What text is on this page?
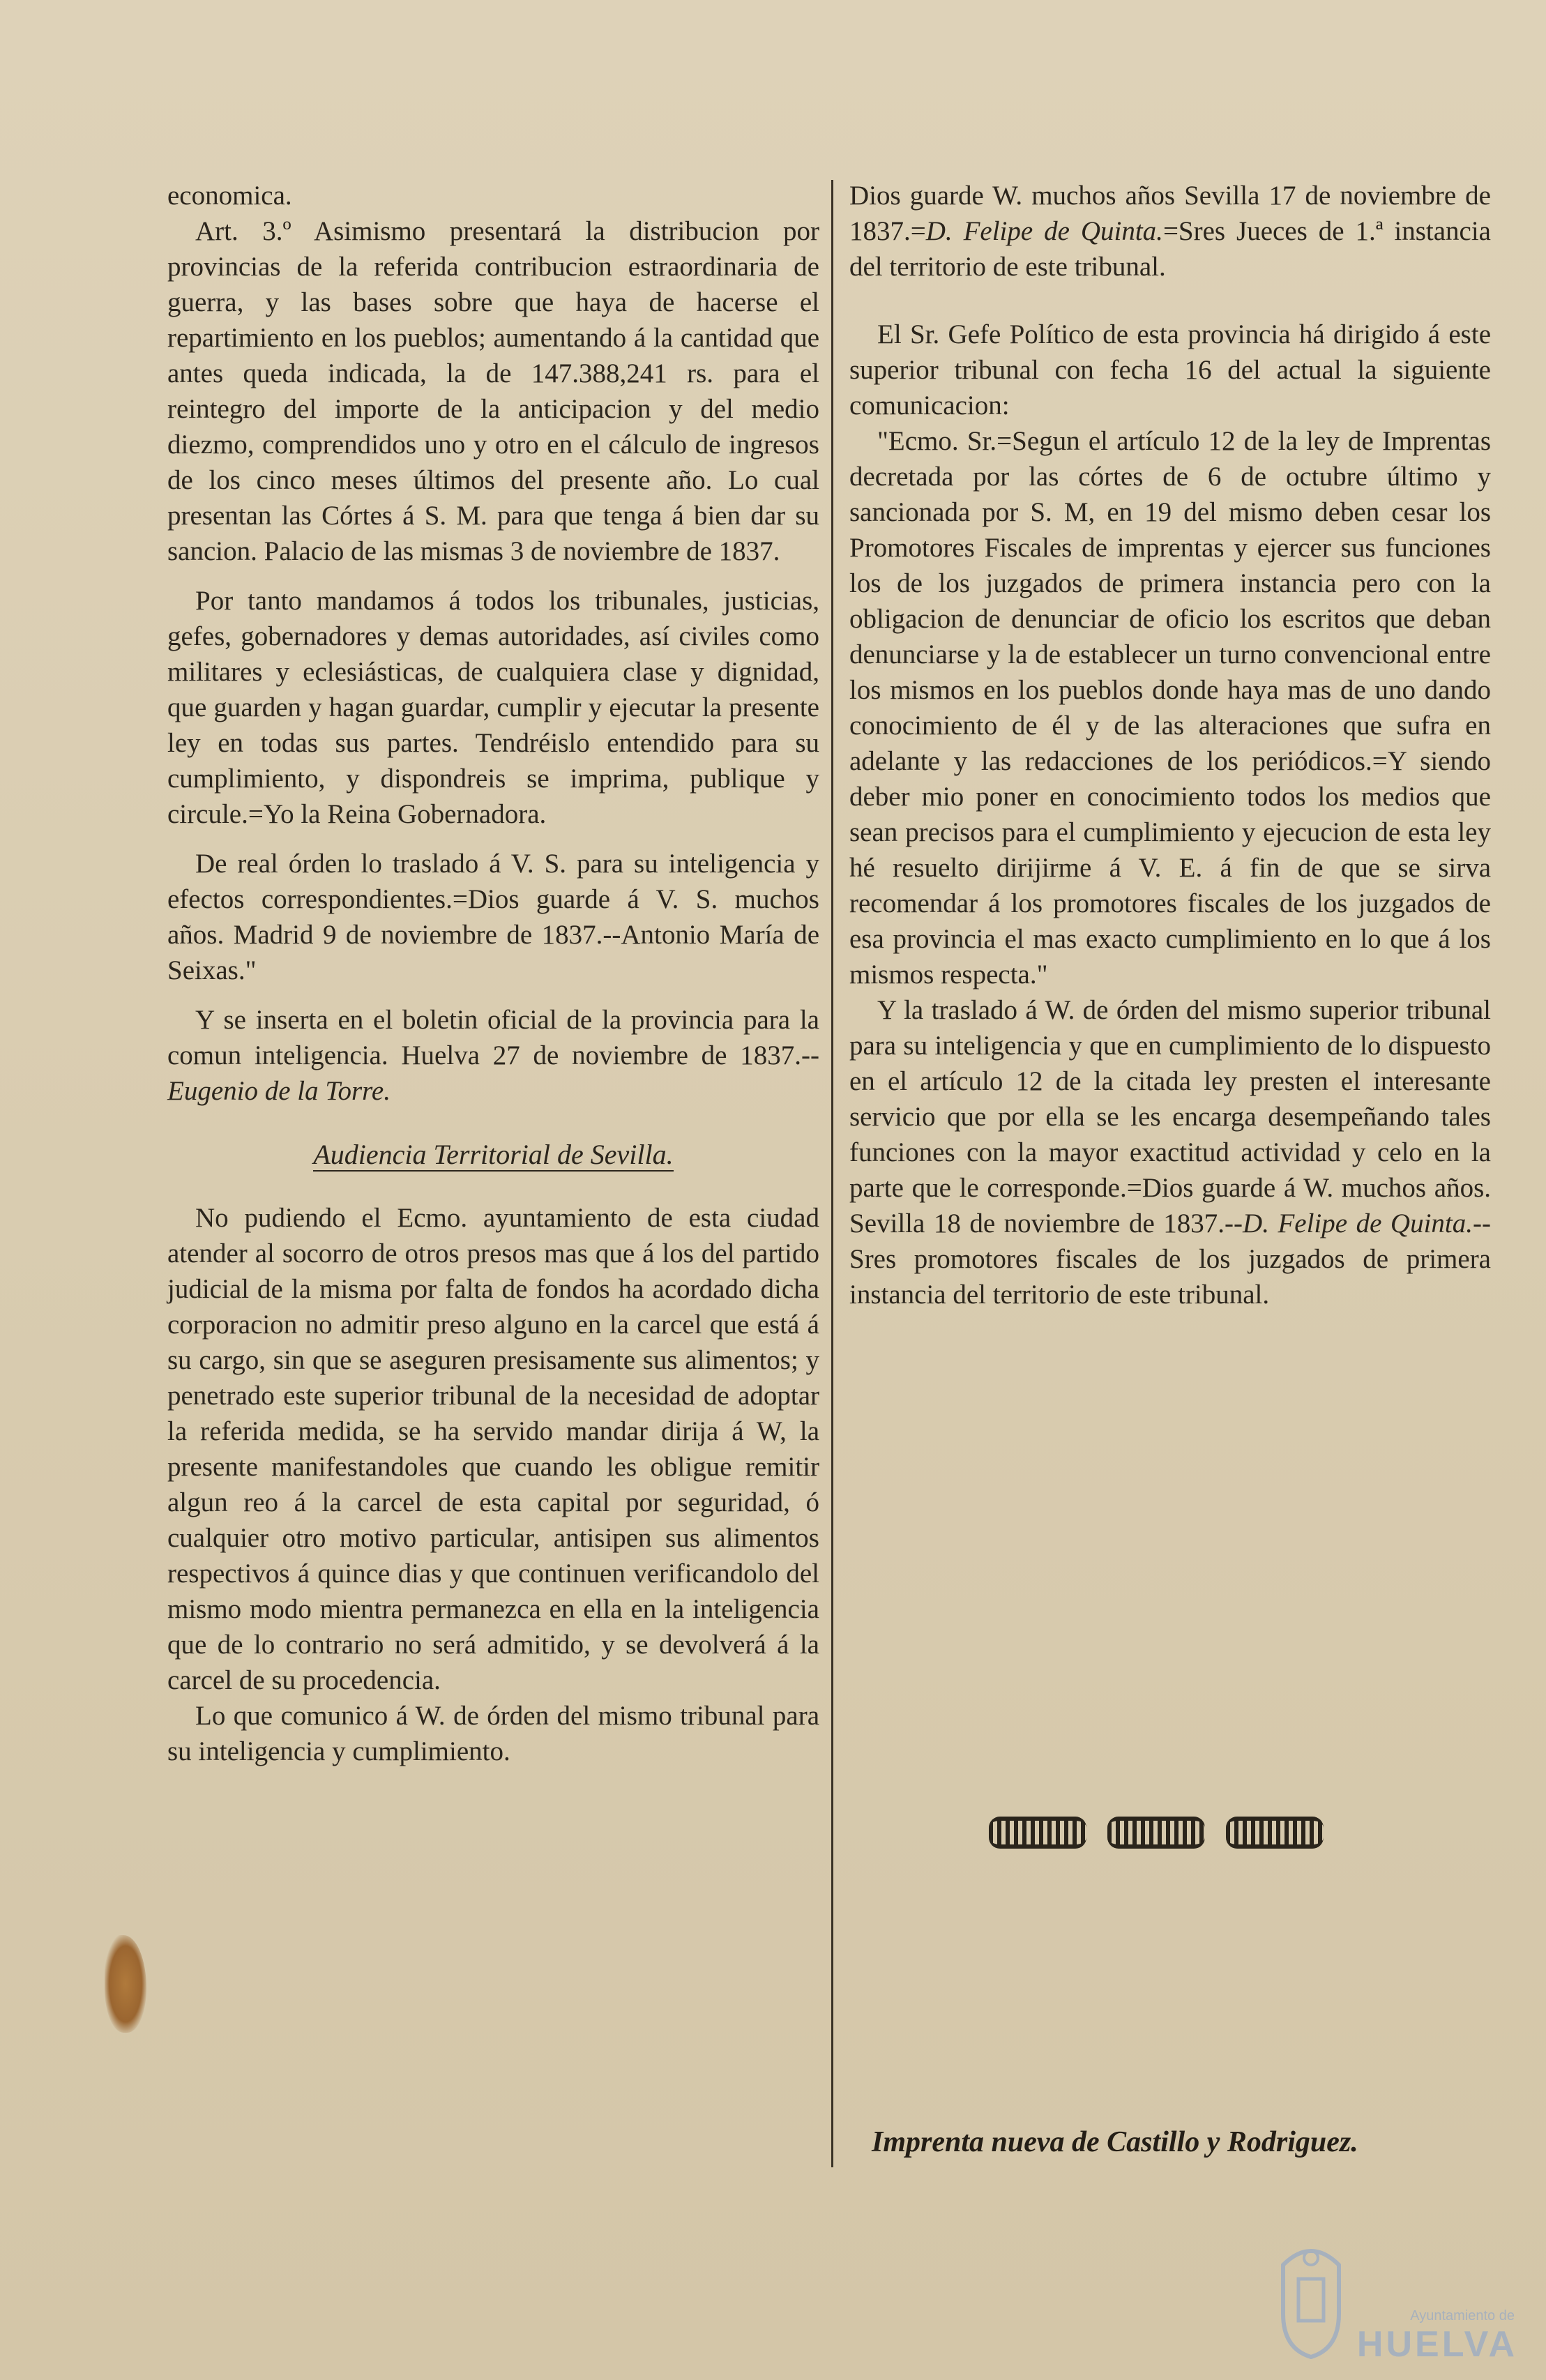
economica.

Art. 3.º Asimismo presentará la distribucion por provincias de la referida contribucion estraordinaria de guerra, y las bases sobre que haya de hacerse el repartimiento en los pueblos; aumentando á la cantidad que antes queda indicada, la de 147.388,241 rs. para el reintegro del importe de la anticipacion y del medio diezmo, comprendidos uno y otro en el cálculo de ingresos de los cinco meses últimos del presente año. Lo cual presentan las Córtes á S. M. para que tenga á bien dar su sancion. Palacio de las mismas 3 de noviembre de 1837.

Por tanto mandamos á todos los tribunales, justicias, gefes, gobernadores y demas autoridades, así civiles como militares y eclesiásticas, de cualquiera clase y dignidad, que guarden y hagan guardar, cumplir y ejecutar la presente ley en todas sus partes. Tendréislo entendido para su cumplimiento, y dispondreis se imprima, publique y circule.=Yo la Reina Gobernadora.

De real órden lo traslado á V. S. para su inteligencia y efectos correspondientes.=Dios guarde á V. S. muchos años. Madrid 9 de noviembre de 1837.--Antonio María de Seixas."

Y se inserta en el boletin oficial de la provincia para la comun inteligencia. Huelva 27 de noviembre de 1837.--Eugenio de la Torre.

Audiencia Territorial de Sevilla.

No pudiendo el Ecmo. ayuntamiento de esta ciudad atender al socorro de otros presos mas que á los del partido judicial de la misma por falta de fondos ha acordado dicha corporacion no admitir preso alguno en la carcel que está á su cargo, sin que se aseguren presisamente sus alimentos; y penetrado este superior tribunal de la necesidad de adoptar la referida medida, se ha servido mandar dirija á W, la presente manifestandoles que cuando les obligue remitir algun reo á la carcel de esta capital por seguridad, ó cualquier otro motivo particular, antisipen sus alimentos respectivos á quince dias y que continuen verificandolo del mismo modo mientra permanezca en ella en la inteligencia que de lo contrario no será admitido, y se devolverá á la carcel de su procedencia.

Lo que comunico á W. de órden del mismo tribunal para su inteligencia y cumplimiento.

Dios guarde W. muchos años Sevilla 17 de noviembre de 1837.=D. Felipe de Quinta.=Sres Jueces de 1.ª instancia del territorio de este tribunal.

El Sr. Gefe Político de esta provincia há dirigido á este superior tribunal con fecha 16 del actual la siguiente comunicacion:

"Ecmo. Sr.=Segun el artículo 12 de la ley de Imprentas decretada por las córtes de 6 de octubre último y sancionada por S. M, en 19 del mismo deben cesar los Promotores Fiscales de imprentas y ejercer sus funciones los de los juzgados de primera instancia pero con la obligacion de denunciar de oficio los escritos que deban denunciarse y la de establecer un turno convencional entre los mismos en los pueblos donde haya mas de uno dando conocimiento de él y de las alteraciones que sufra en adelante y las redacciones de los periódicos.=Y siendo deber mio poner en conocimiento todos los medios que sean precisos para el cumplimiento y ejecucion de esta ley hé resuelto dirijirme á V. E. á fin de que se sirva recomendar á los promotores fiscales de los juzgados de esa provincia el mas exacto cumplimiento en lo que á los mismos respecta."

Y la traslado á W. de órden del mismo superior tribunal para su inteligencia y que en cumplimiento de lo dispuesto en el artículo 12 de la citada ley presten el interesante servicio que por ella se les encarga desempeñando tales funciones con la mayor exactitud actividad y celo en la parte que le corresponde.=Dios guarde á W. muchos años. Sevilla 18 de noviembre de 1837.--D. Felipe de Quinta.--Sres promotores fiscales de los juzgados de primera instancia del territorio de este tribunal.

Imprenta nueva de Castillo y Rodriguez.
Ayuntamiento de
HUELVA
